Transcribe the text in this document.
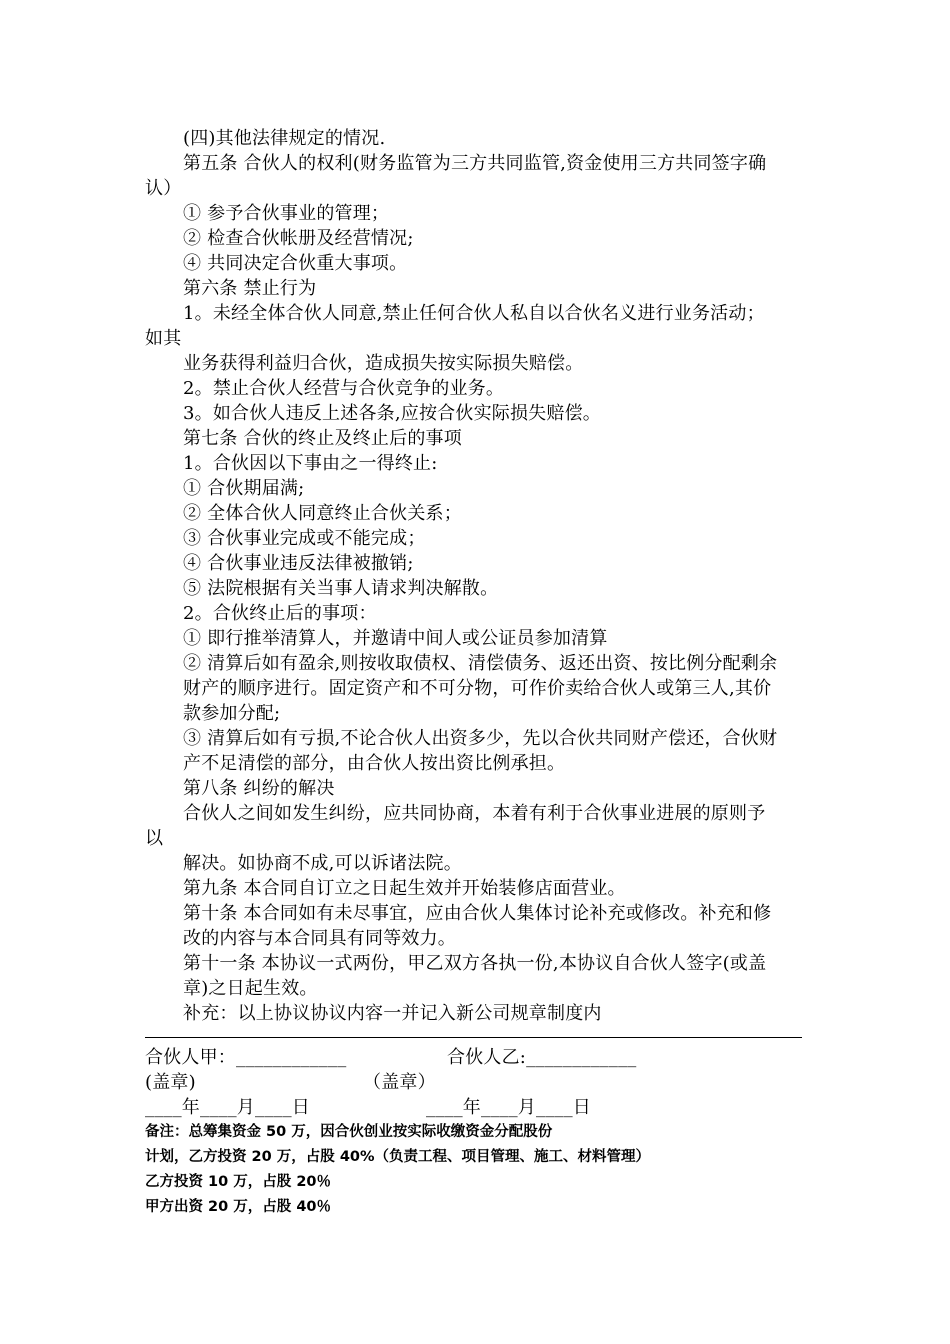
(四)其他法律规定的情况.
第五条 合伙人的权利(财务监管为三方共同监管,资金使用三方共同签字确
认）
① 参予合伙事业的管理；
② 检查合伙帐册及经营情况;
④ 共同决定合伙重大事项。
第六条 禁止行为
1。未经全体合伙人同意,禁止任何合伙人私自以合伙名义进行业务活动；
如其
业务获得利益归合伙，造成损失按实际损失赔偿。
2。禁止合伙人经营与合伙竞争的业务。
3。如合伙人违反上述各条,应按合伙实际损失赔偿。
第七条 合伙的终止及终止后的事项
1。合伙因以下事由之一得终止:
① 合伙期届满;
② 全体合伙人同意终止合伙关系；
③ 合伙事业完成或不能完成；
④ 合伙事业违反法律被撤销;
⑤ 法院根据有关当事人请求判决解散。
2。合伙终止后的事项：
① 即行推举清算人，并邀请中间人或公证员参加清算
② 清算后如有盈余,则按收取债权、清偿债务、返还出资、按比例分配剩余
财产的顺序进行。固定资产和不可分物，可作价卖给合伙人或第三人,其价
款参加分配;
③ 清算后如有亏损,不论合伙人出资多少，先以合伙共同财产偿还，合伙财
产不足清偿的部分，由合伙人按出资比例承担。
第八条 纠纷的解决
合伙人之间如发生纠纷，应共同协商，本着有利于合伙事业进展的原则予
以
解决。如协商不成,可以诉诸法院。
第九条 本合同自订立之日起生效并开始装修店面营业。
第十条 本合同如有未尽事宜，应由合伙人集体讨论补充或修改。补充和修
改的内容与本合同具有同等效力。
第十一条 本协议一式两份，甲乙双方各执一份,本协议自合伙人签字(或盖
章)之日起生效。
补充：以上协议协议内容一并记入新公司规章制度内
合伙人甲：____________	合伙人乙:____________
(盖章)	（盖章）
____年____月____日	____年____月____日
备注：总筹集资金 50 万，因合伙创业按实际收缴资金分配股份
计划，乙方投资 20 万，占股 40%（负责工程、项目管理、施工、材料管理）
乙方投资 10 万，占股 20％
甲方出资 20 万，占股 40％
